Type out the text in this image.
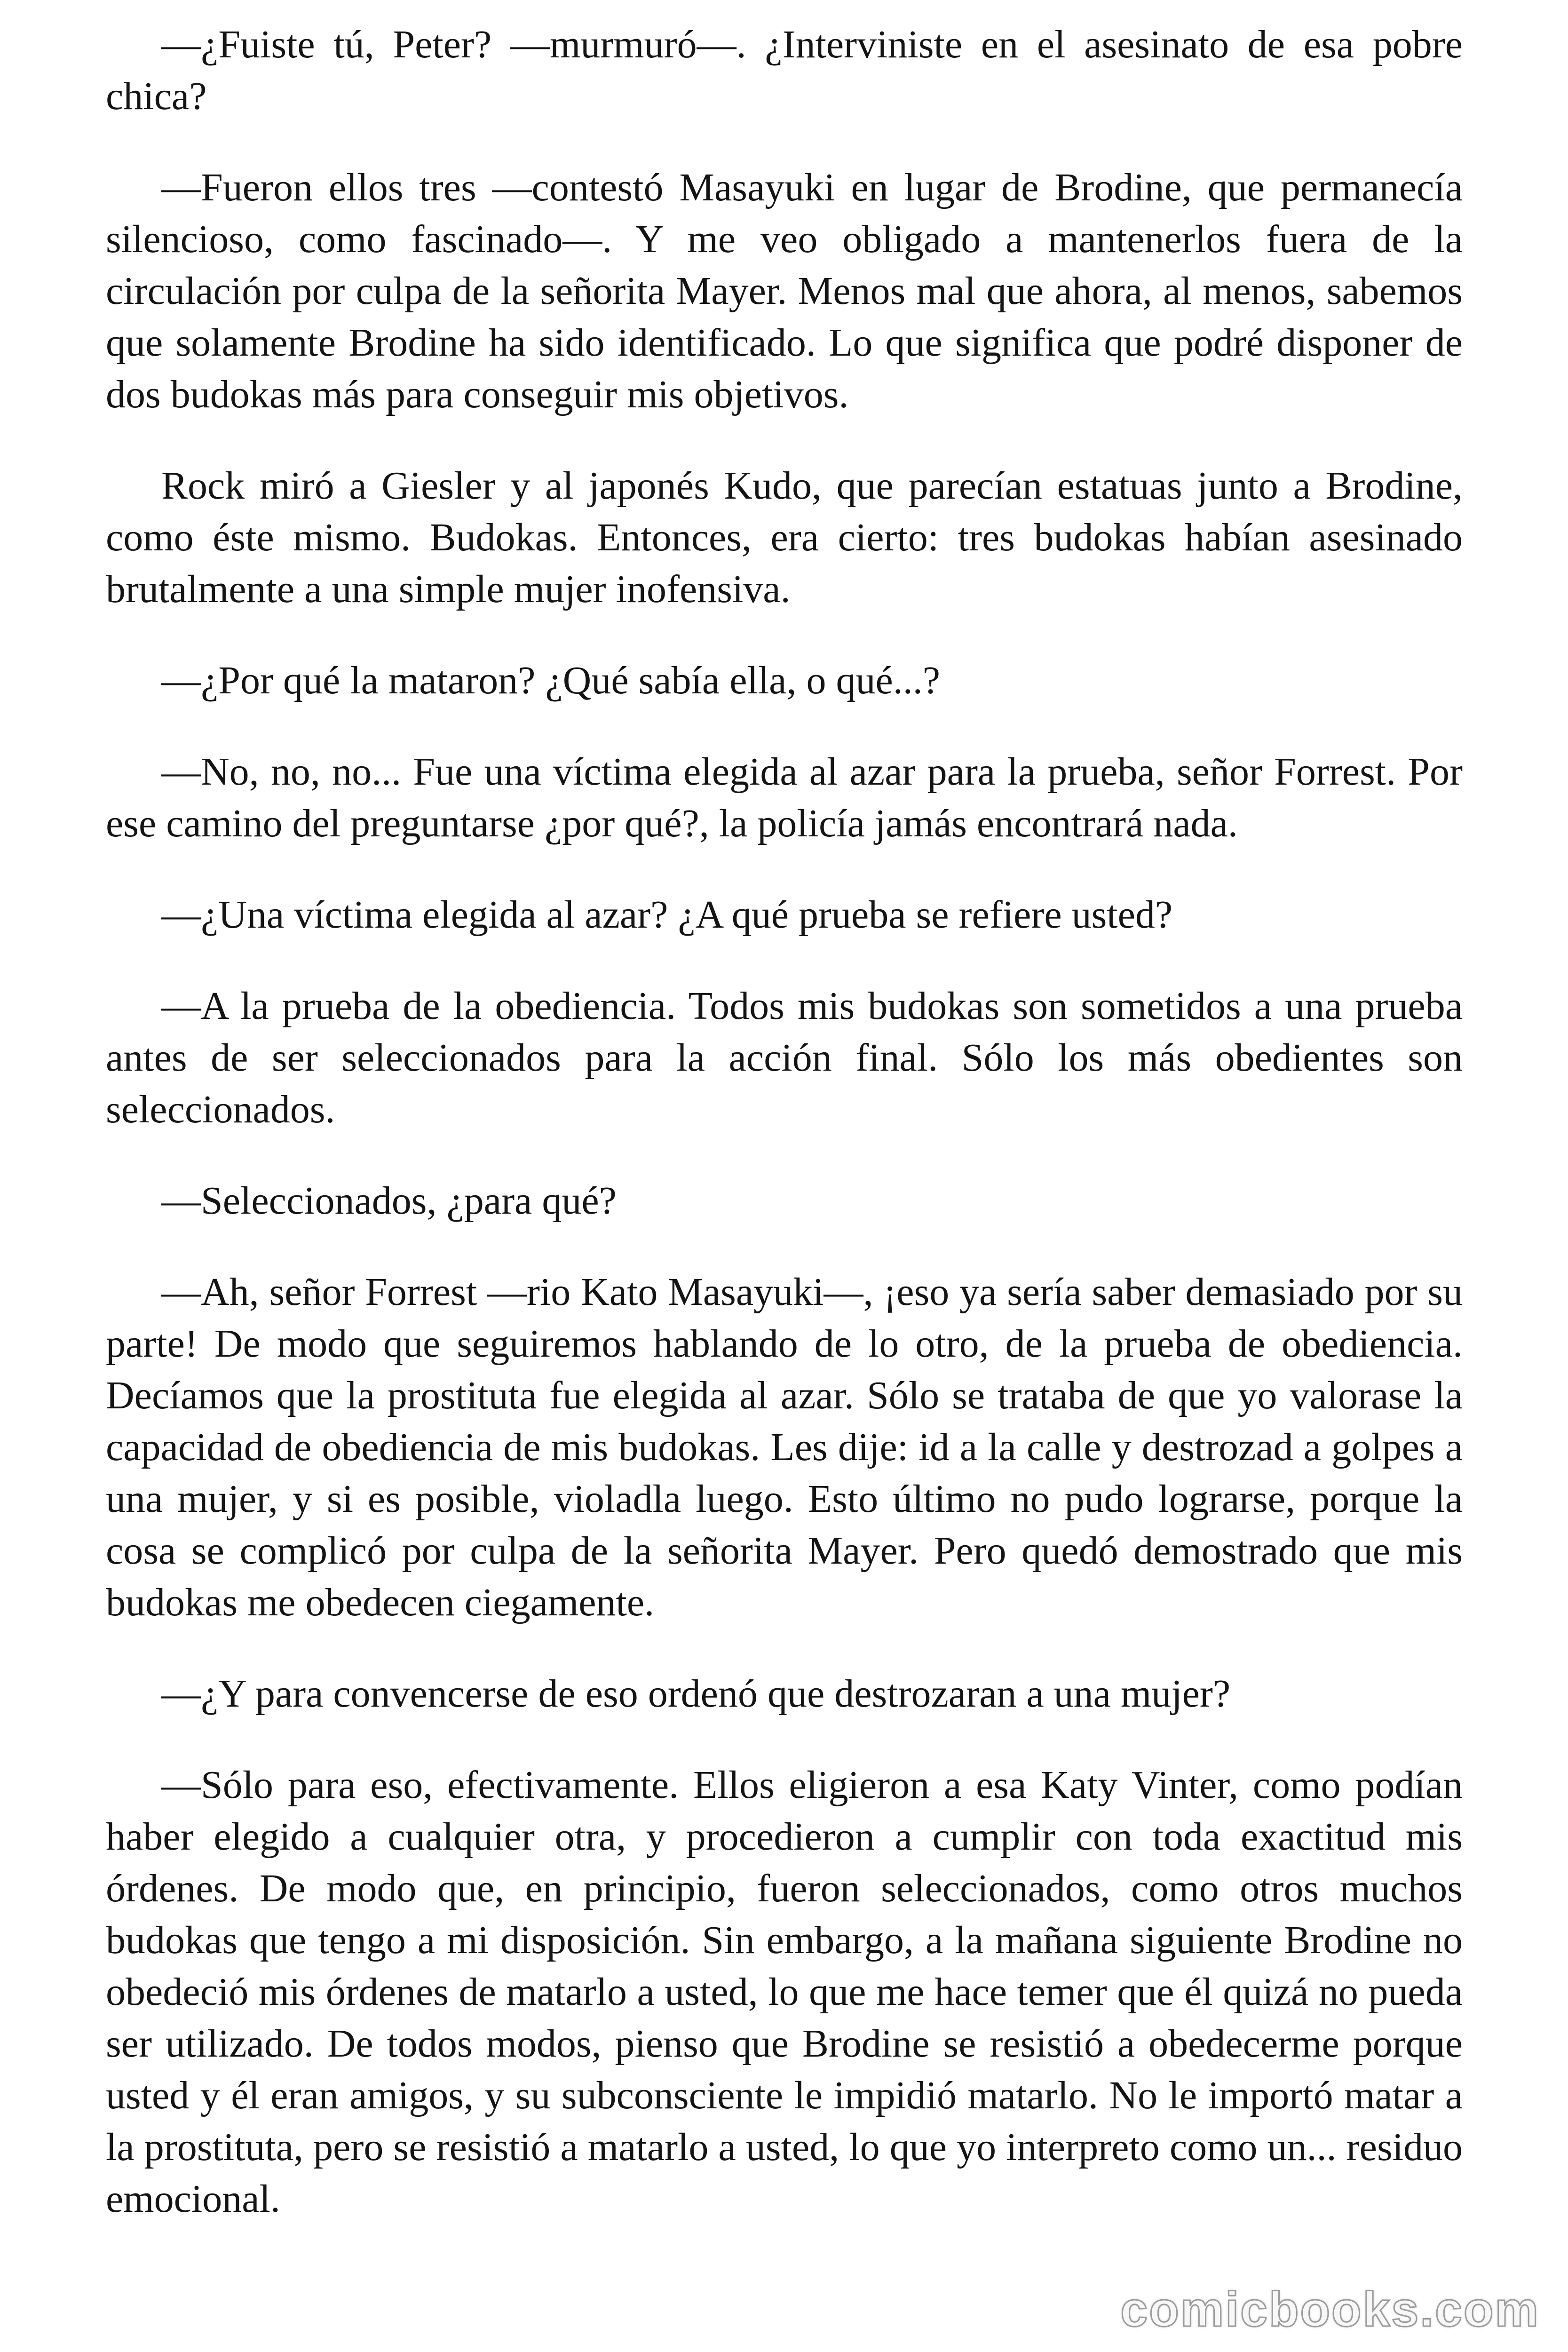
—¿Fuiste tú, Peter? —murmuró—. ¿Interviniste en el asesinato de esa pobre chica?

—Fueron ellos tres —contestó Masayuki en lugar de Brodine, que permanecía silencioso, como fascinado—. Y me veo obligado a mantenerlos fuera de la circulación por culpa de la señorita Mayer. Menos mal que ahora, al menos, sabemos que solamente Brodine ha sido identificado. Lo que significa que podré disponer de dos budokas más para conseguir mis objetivos.

Rock miró a Giesler y al japonés Kudo, que parecían estatuas junto a Brodine, como éste mismo. Budokas. Entonces, era cierto: tres budokas habían asesinado brutalmente a una simple mujer inofensiva.

—¿Por qué la mataron? ¿Qué sabía ella, o qué...?

—No, no, no... Fue una víctima elegida al azar para la prueba, señor Forrest. Por ese camino del preguntarse ¿por qué?, la policía jamás encontrará nada.

—¿Una víctima elegida al azar? ¿A qué prueba se refiere usted?

—A la prueba de la obediencia. Todos mis budokas son sometidos a una prueba antes de ser seleccionados para la acción final. Sólo los más obedientes son seleccionados.

—Seleccionados, ¿para qué?

—Ah, señor Forrest —rio Kato Masayuki—, ¡eso ya sería saber demasiado por su parte! De modo que seguiremos hablando de lo otro, de la prueba de obediencia. Decíamos que la prostituta fue elegida al azar. Sólo se trataba de que yo valorase la capacidad de obediencia de mis budokas. Les dije: id a la calle y destrozad a golpes a una mujer, y si es posible, violadla luego. Esto último no pudo lograrse, porque la cosa se complicó por culpa de la señorita Mayer. Pero quedó demostrado que mis budokas me obedecen ciegamente.

—¿Y para convencerse de eso ordenó que destrozaran a una mujer?

—Sólo para eso, efectivamente. Ellos eligieron a esa Katy Vinter, como podían haber elegido a cualquier otra, y procedieron a cumplir con toda exactitud mis órdenes. De modo que, en principio, fueron seleccionados, como otros muchos budokas que tengo a mi disposición. Sin embargo, a la mañana siguiente Brodine no obedeció mis órdenes de matarlo a usted, lo que me hace temer que él quizá no pueda ser utilizado. De todos modos, pienso que Brodine se resistió a obedecerme porque usted y él eran amigos, y su subconsciente le impidió matarlo. No le importó matar a la prostituta, pero se resistió a matarlo a usted, lo que yo interpreto como un... residuo emocional.

comicbooks.com
